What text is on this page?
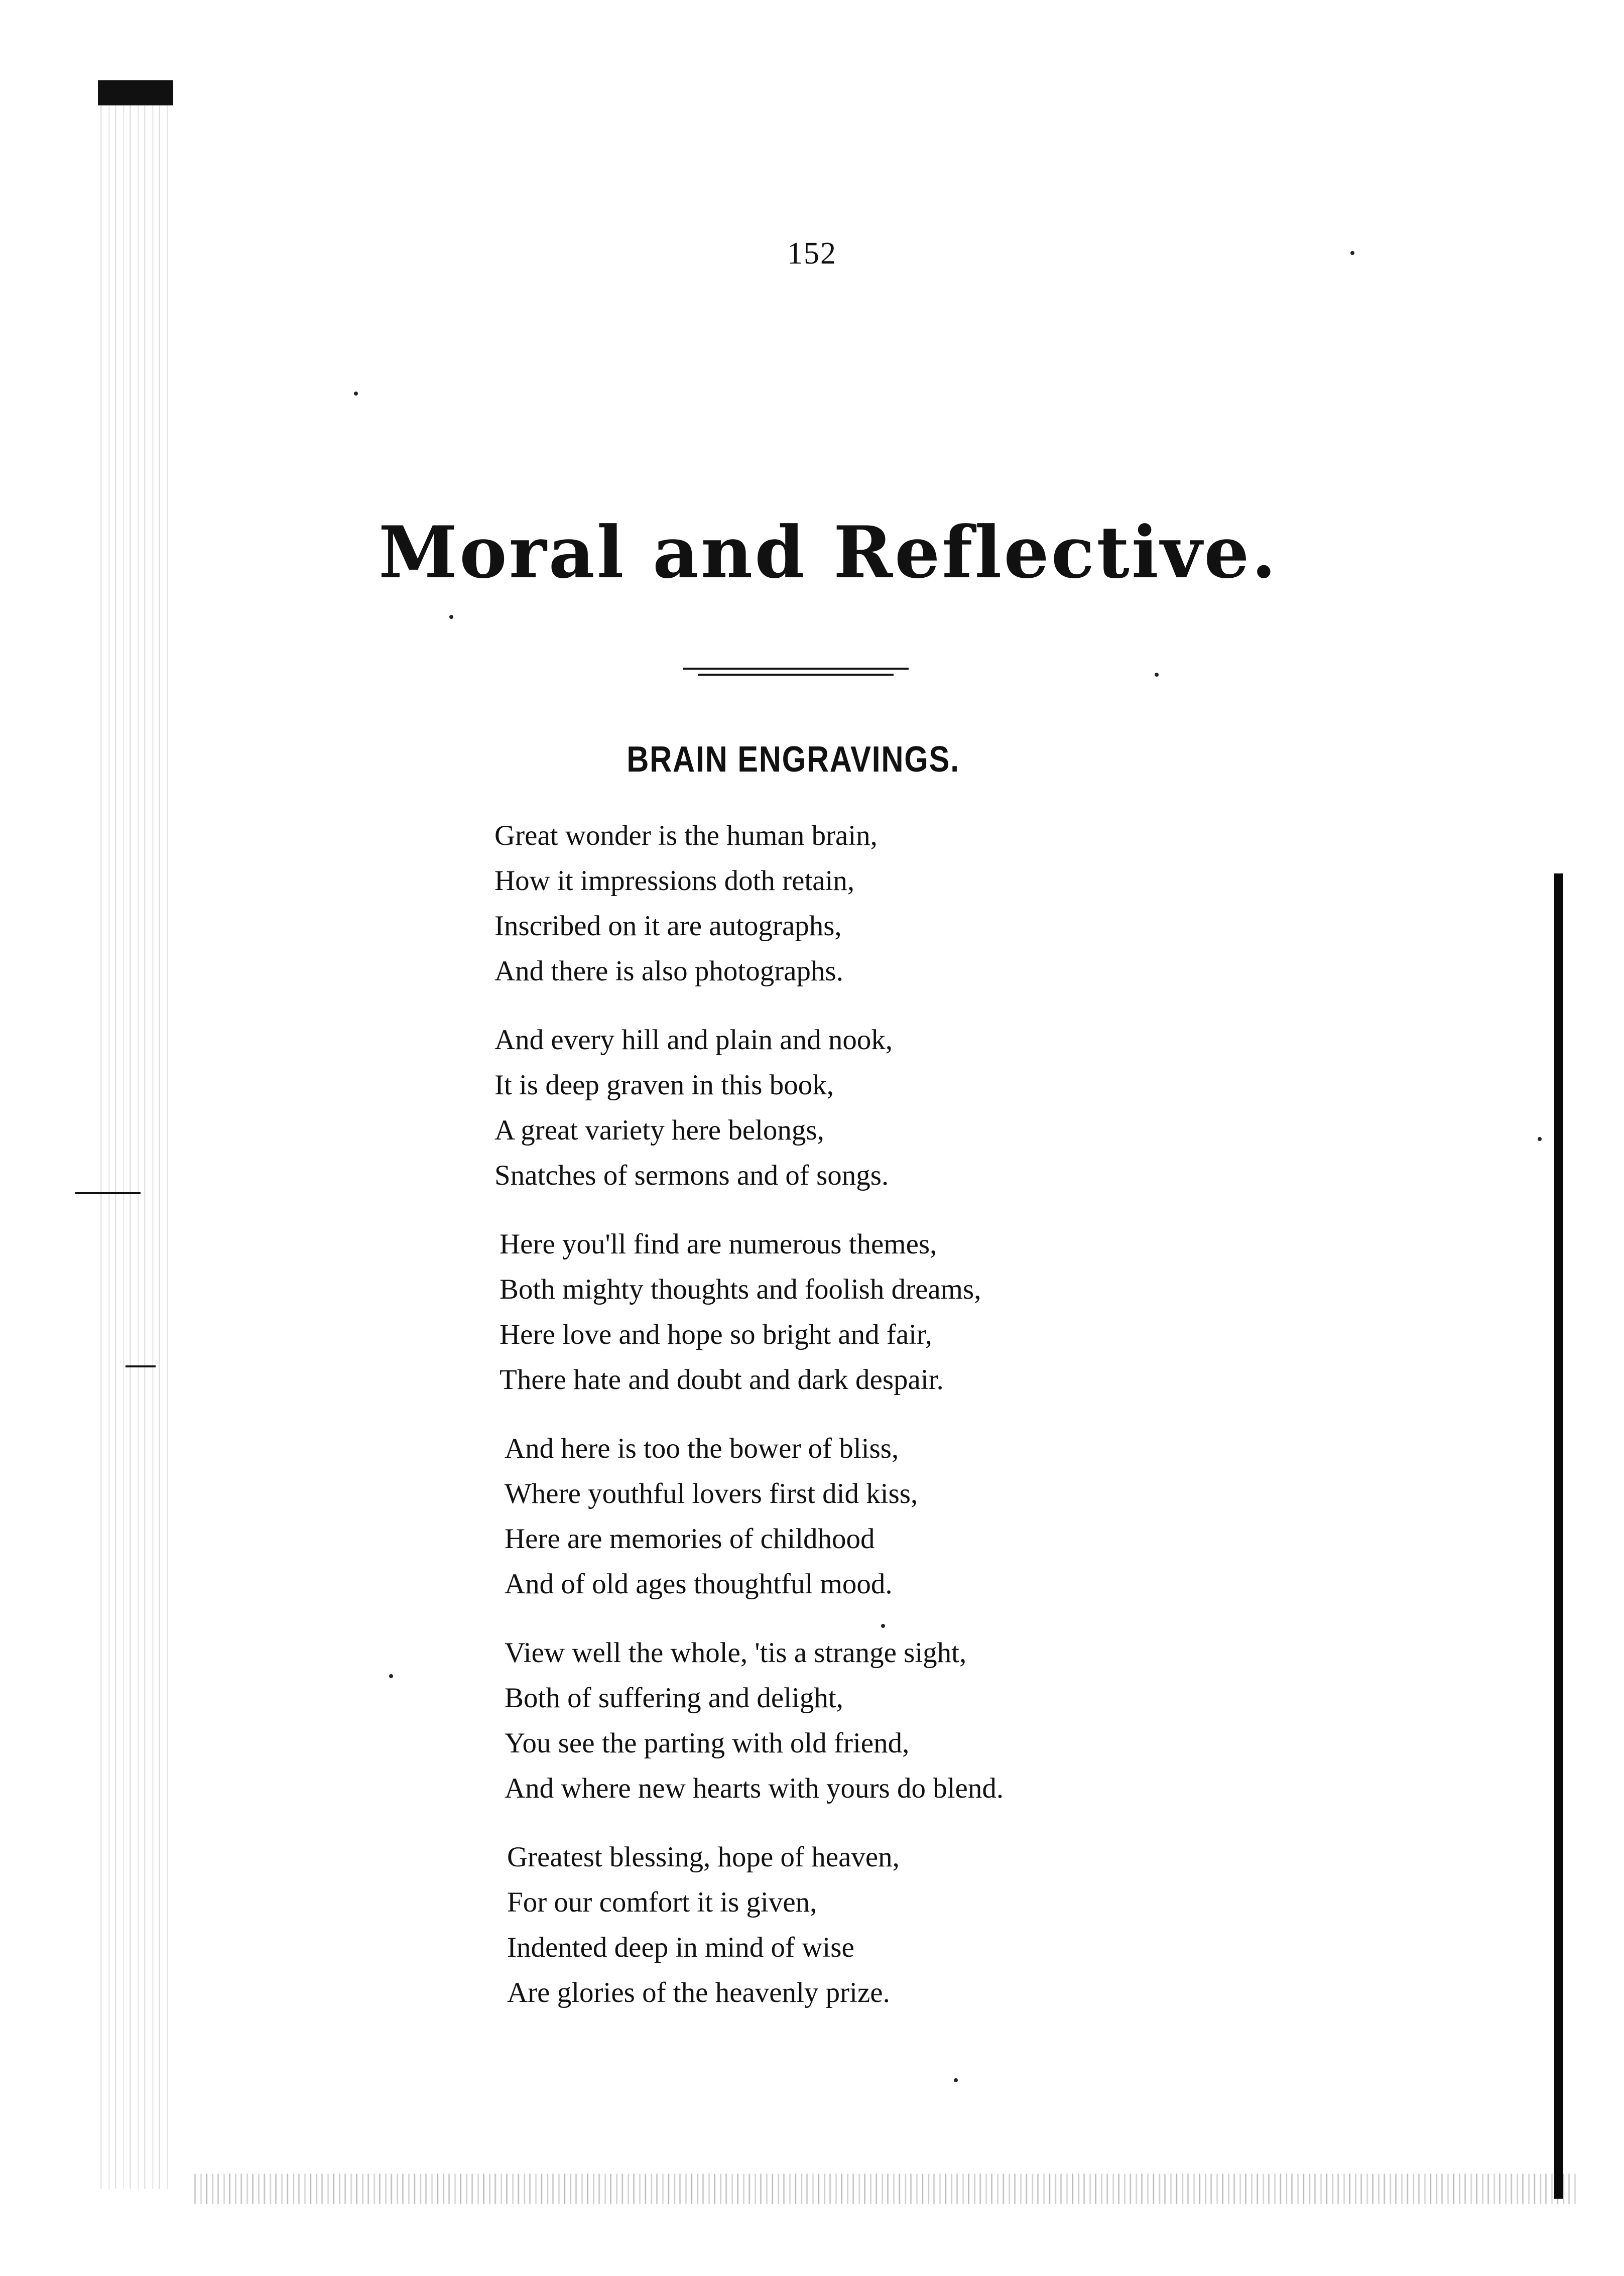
152
Moral and Reflective.
BRAIN ENGRAVINGS.
Great wonder is the human brain,
How it impressions doth retain,
Inscribed on it are autographs,
And there is also photographs.
And every hill and plain and nook,
It is deep graven in this book,
A great variety here belongs,
Snatches of sermons and of songs.
Here you'll find are numerous themes,
Both mighty thoughts and foolish dreams,
Here love and hope so bright and fair,
There hate and doubt and dark despair.
And here is too the bower of bliss,
Where youthful lovers first did kiss,
Here are memories of childhood
And of old ages thoughtful mood.
View well the whole, 'tis a strange sight,
Both of suffering and delight,
You see the parting with old friend,
And where new hearts with yours do blend.
Greatest blessing, hope of heaven,
For our comfort it is given,
Indented deep in mind of wise
Are glories of the heavenly prize.
